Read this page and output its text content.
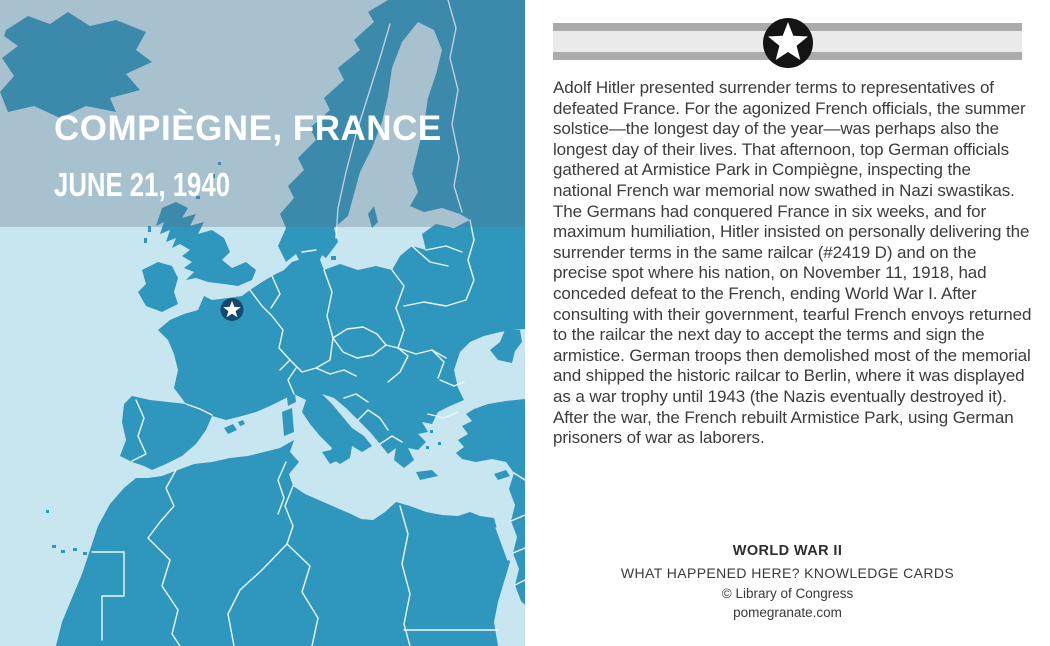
COMPIÈGNE, FRANCE
JUNE 21, 1940
Adolf Hitler presented surrender terms to representatives of defeated France. For the agonized French officials, the summer solstice—the longest day of the year—was perhaps also the longest day of their lives. That afternoon, top German officials gathered at Armistice Park in Compiègne, inspecting the national French war memorial now swathed in Nazi swastikas. The Germans had conquered France in six weeks, and for maximum humiliation, Hitler insisted on personally delivering the surrender terms in the same railcar (#2419 D) and on the precise spot where his nation, on November 11, 1918, had conceded defeat to the French, ending World War I. After consulting with their government, tearful French envoys returned to the railcar the next day to accept the terms and sign the armistice. German troops then demolished most of the memorial and shipped the historic railcar to Berlin, where it was displayed as a war trophy until 1943 (the Nazis eventually destroyed it). After the war, the French rebuilt Armistice Park, using German prisoners of war as laborers.
WORLD WAR II
WHAT HAPPENED HERE? KNOWLEDGE CARDS
© Library of Congress
pomegranate.com
